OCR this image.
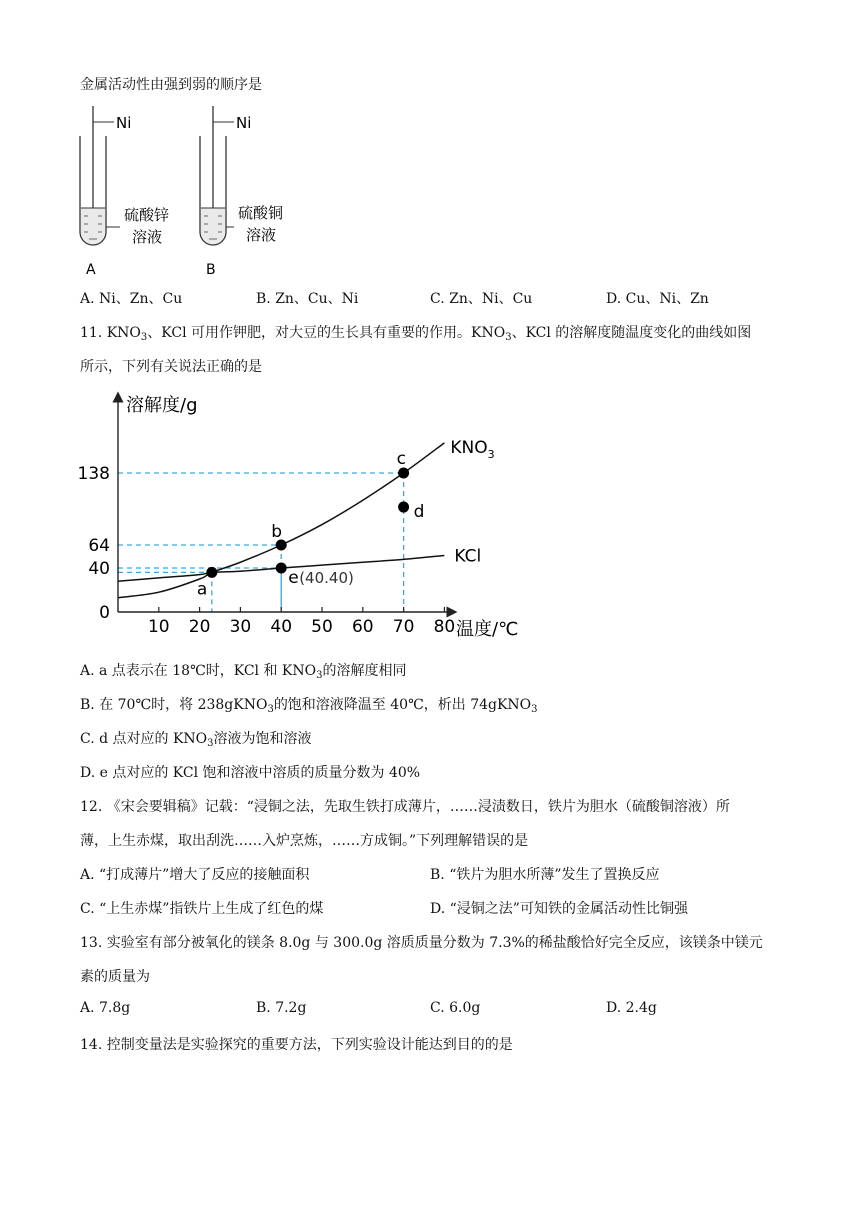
金属活动性由强到弱的顺序是
Ni
硫酸锌
溶液
A
Ni
硫酸铜
溶液
B
A. Ni、Zn、Cu	B. Zn、Cu、Ni	C. Zn、Ni、Cu	D. Cu、Ni、Zn
11. $KNO_3$、KCl 可用作钾肥，对大豆的生长具有重要的作用。$KNO_3$、KCl 的溶解度随温度变化的曲线如图
所示，下列有关说法正确的是
10 20 30 40 50 60 70 80
0
40
64
138
a
b
c
d
e (40.40)
溶解度/g
温度/℃
$KNO_3$
KCl
A. a 点表示在 18℃时，KCl 和 $KNO_3$的溶解度相同
B. 在 70℃时，将 238gKNO$_3$的饱和溶液降温至 40℃，析出 74gKNO$_3$
C. d 点对应的 $KNO_3$溶液为饱和溶液
D. e 点对应的 KCl 饱和溶液中溶质的质量分数为 40%
12. 《宋会要辑稿》记载：“浸铜之法，先取生铁打成薄片，……浸渍数日，铁片为胆水（硫酸铜溶液）所
薄，上生赤煤，取出刮洗……入炉烹炼，……方成铜。”下列理解错误的是
A. “打成薄片”增大了反应的接触面积	B. “铁片为胆水所薄”发生了置换反应
C. “上生赤煤”指铁片上生成了红色的煤	D. “浸铜之法”可知铁的金属活动性比铜强
13. 实验室有部分被氧化的镁条 8.0g 与 300.0g 溶质质量分数为 7.3%的稀盐酸恰好完全反应，该镁条中镁元
素的质量为
A. 7.8g	B. 7.2g	C. 6.0g	D. 2.4g
14. 控制变量法是实验探究的重要方法，下列实验设计能达到目的的是
